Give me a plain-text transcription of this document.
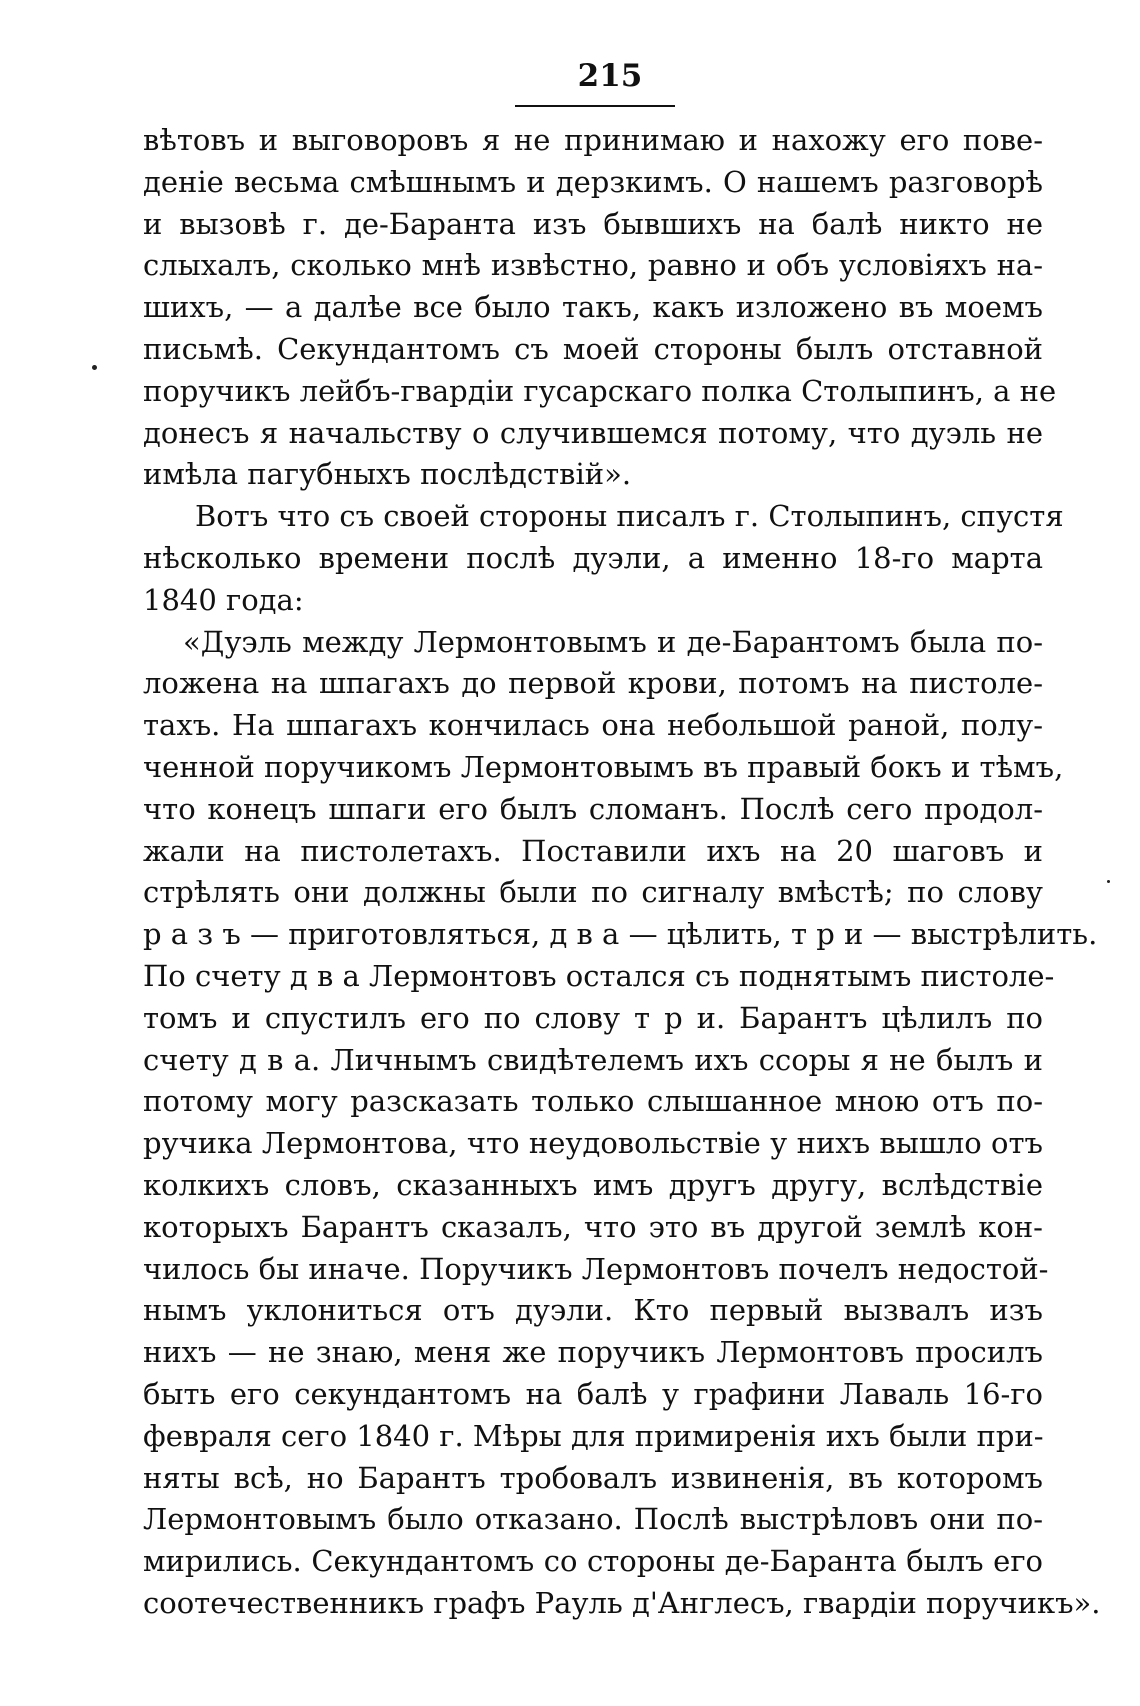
215
вѣтовъ и выговоровъ я не принимаю и нахожу его пове-
деніе весьма смѣшнымъ и дерзкимъ. О нашемъ разговорѣ
и вызовѣ г. де-Баранта изъ бывшихъ на балѣ никто не
слыхалъ, сколько мнѣ извѣстно, равно и объ условіяхъ на-
шихъ, — а далѣе все было такъ, какъ изложено въ моемъ
письмѣ. Секундантомъ съ моей стороны былъ отставной
поручикъ лейбъ-гвардіи гусарскаго полка Столыпинъ, а не
донесъ я начальству о случившемся потому, что дуэль не
имѣла пагубныхъ послѣдствій».
Вотъ что съ своей стороны писалъ г. Столыпинъ, спустя
нѣсколько времени послѣ дуэли, а именно 18-го марта
1840 года:
«Дуэль между Лермонтовымъ и де-Барантомъ была по-
ложена на шпагахъ до первой крови, потомъ на пистоле-
тахъ. На шпагахъ кончилась она небольшой раной, полу-
ченной поручикомъ Лермонтовымъ въ правый бокъ и тѣмъ,
что конецъ шпаги его былъ сломанъ. Послѣ сего продол-
жали на пистолетахъ. Поставили ихъ на 20 шаговъ и
стрѣлять они должны были по сигналу вмѣстѣ; по слову
р а з ъ — приготовляться, д в а — цѣлить, т р и — выстрѣлить.
По счету д в а Лермонтовъ остался съ поднятымъ пистоле-
томъ и спустилъ его по слову т р и. Барантъ цѣлилъ по
счету д в а. Личнымъ свидѣтелемъ ихъ ссоры я не былъ и
потому могу разсказать только слышанное мною отъ по-
ручика Лермонтова, что неудовольствіе у нихъ вышло отъ
колкихъ словъ, сказанныхъ имъ другъ другу, вслѣдствіе
которыхъ Барантъ сказалъ, что это въ другой землѣ кон-
чилось бы иначе. Поручикъ Лермонтовъ почелъ недостой-
нымъ уклониться отъ дуэли. Кто первый вызвалъ изъ
нихъ — не знаю, меня же поручикъ Лермонтовъ просилъ
быть его секундантомъ на балѣ у графини Лаваль 16-го
февраля сего 1840 г. Мѣры для примиренія ихъ были при-
няты всѣ, но Барантъ тробовалъ извиненія, въ которомъ
Лермонтовымъ было отказано. Послѣ выстрѣловъ они по-
мирились. Секундантомъ со стороны де-Баранта былъ его
соотечественникъ графъ Рауль д'Англесъ, гвардіи поручикъ».
